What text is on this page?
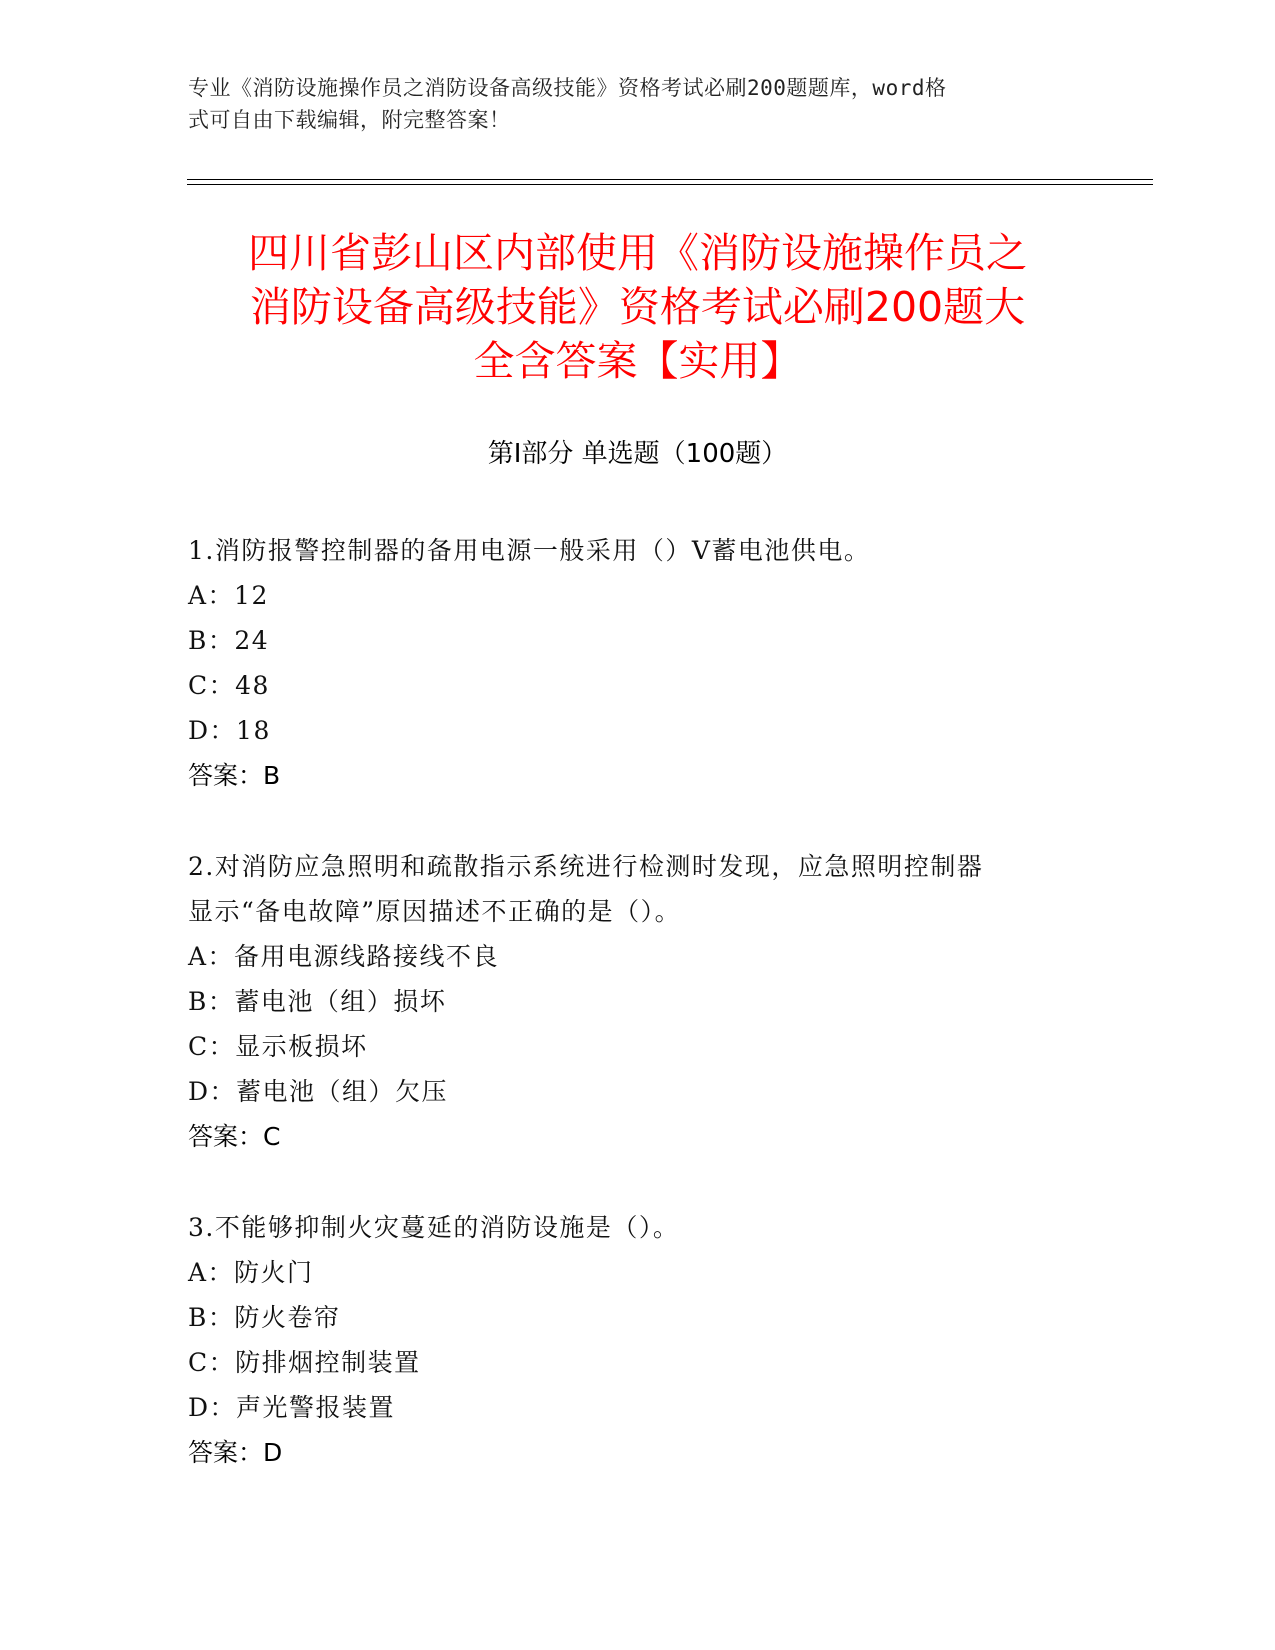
专业《消防设施操作员之消防设备高级技能》资格考试必刷200题题库，word格
式可自由下载编辑，附完整答案！
四川省彭山区内部使用《消防设施操作员之
消防设备高级技能》资格考试必刷200题大
全含答案【实用】
第Ⅰ部分 单选题（100题）
1.消防报警控制器的备用电源一般采用（）V蓄电池供电。
A：12
B：24
C：48
D：18
答案：B
2.对消防应急照明和疏散指示系统进行检测时发现，应急照明控制器
显示“备电故障”原因描述不正确的是（）。
A：备用电源线路接线不良
B：蓄电池（组）损坏
C：显示板损坏
D：蓄电池（组）欠压
答案：C
3.不能够抑制火灾蔓延的消防设施是（）。
A：防火门
B：防火卷帘
C：防排烟控制装置
D：声光警报装置
答案：D
